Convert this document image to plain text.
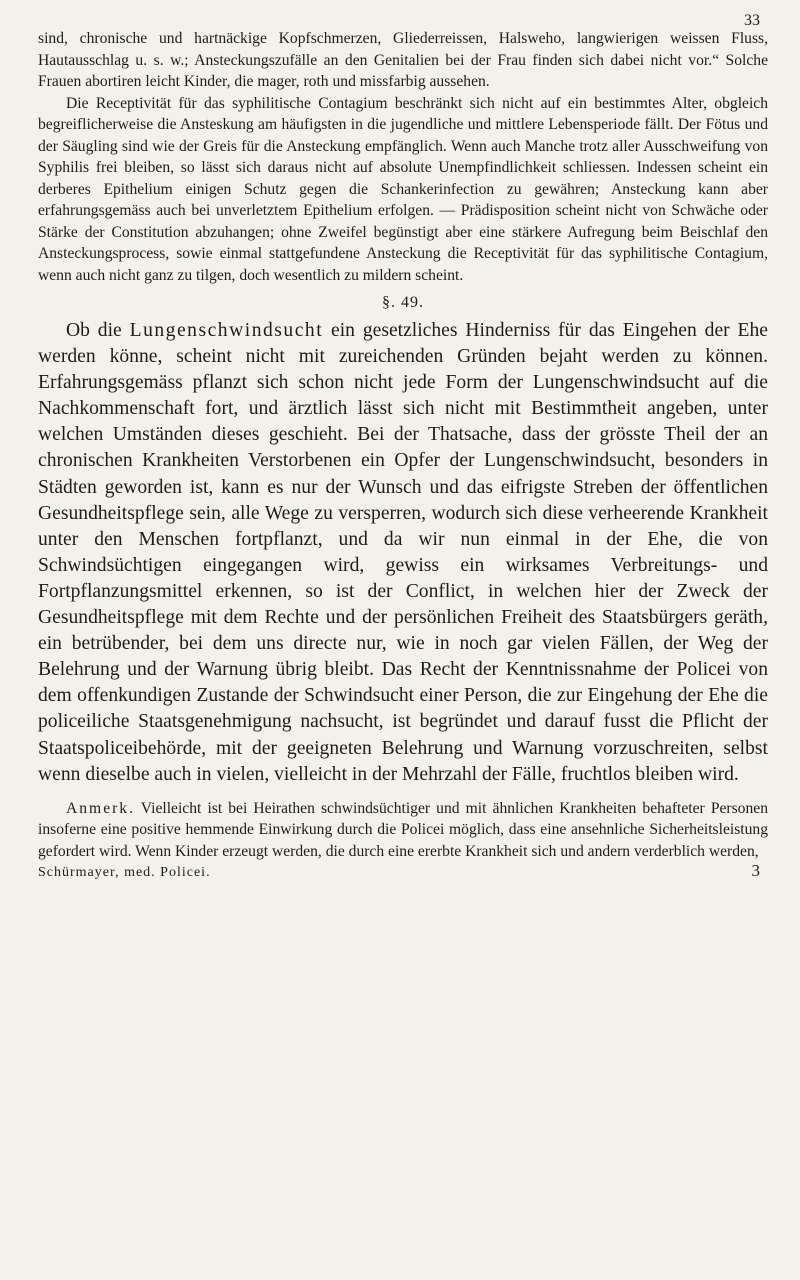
33

sind, chronische und hartnäckige Kopfschmerzen, Gliederreissen, Halsweho, langwierigen weissen Fluss, Hautausschlag u. s. w.; Ansteckungszufälle an den Genitalien bei der Frau finden sich dabei nicht vor.“ Solche Frauen abortiren leicht Kinder, die mager, roth und missfarbig aussehen.

Die Receptivität für das syphilitische Contagium beschränkt sich nicht auf ein bestimmtes Alter, obgleich begreiflicherweise die Ansteskung am häufigsten in die jugendliche und mittlere Lebensperiode fällt. Der Fötus und der Säugling sind wie der Greis für die Ansteckung empfänglich. Wenn auch Manche trotz aller Ausschweifung von Syphilis frei bleiben, so lässt sich daraus nicht auf absolute Unempfindlichkeit schliessen. Indessen scheint ein derberes Epithelium einigen Schutz gegen die Schankerinfection zu gewähren; Ansteckung kann aber erfahrungsgemäss auch bei unverletztem Epithelium erfolgen. — Prädisposition scheint nicht von Schwäche oder Stärke der Constitution abzuhangen; ohne Zweifel begünstigt aber eine stärkere Aufregung beim Beischlaf den Ansteckungsprocess, sowie einmal stattgefundene Ansteckung die Receptivität für das syphilitische Contagium, wenn auch nicht ganz zu tilgen, doch wesentlich zu mildern scheint.

§. 49.

Ob die Lungenschwindsucht ein gesetzliches Hinderniss für das Eingehen der Ehe werden könne, scheint nicht mit zureichenden Gründen bejaht werden zu können. Erfahrungsgemäss pflanzt sich schon nicht jede Form der Lungenschwindsucht auf die Nachkommenschaft fort, und ärztlich lässt sich nicht mit Bestimmtheit angeben, unter welchen Umständen dieses geschieht. Bei der Thatsache, dass der grösste Theil der an chronischen Krankheiten Verstorbenen ein Opfer der Lungenschwindsucht, besonders in Städten geworden ist, kann es nur der Wunsch und das eifrigste Streben der öffentlichen Gesundheitspflege sein, alle Wege zu versperren, wodurch sich diese verheerende Krankheit unter den Menschen fortpflanzt, und da wir nun einmal in der Ehe, die von Schwindsüchtigen eingegangen wird, gewiss ein wirksames Verbreitungs- und Fortpflanzungsmittel erkennen, so ist der Conflict, in welchen hier der Zweck der Gesundheitspflege mit dem Rechte und der persönlichen Freiheit des Staatsbürgers geräth, ein betrübender, bei dem uns directe nur, wie in noch gar vielen Fällen, der Weg der Belehrung und der Warnung übrig bleibt. Das Recht der Kenntnissnahme der Policei von dem offenkundigen Zustande der Schwindsucht einer Person, die zur Eingehung der Ehe die policeiliche Staatsgenehmigung nachsucht, ist begründet und darauf fusst die Pflicht der Staatspoliceibehörde, mit der geeigneten Belehrung und Warnung vorzuschreiten, selbst wenn dieselbe auch in vielen, vielleicht in der Mehrzahl der Fälle, fruchtlos bleiben wird.

Anmerk. Vielleicht ist bei Heirathen schwindsüchtiger und mit ähnlichen Krankheiten behafteter Personen insoferne eine positive hemmende Einwirkung durch die Policei möglich, dass eine ansehnliche Sicherheitsleistung gefordert wird. Wenn Kinder erzeugt werden, die durch eine ererbte Krankheit sich und andern verderblich werden,

Schürmayer, med. Policei.	3
